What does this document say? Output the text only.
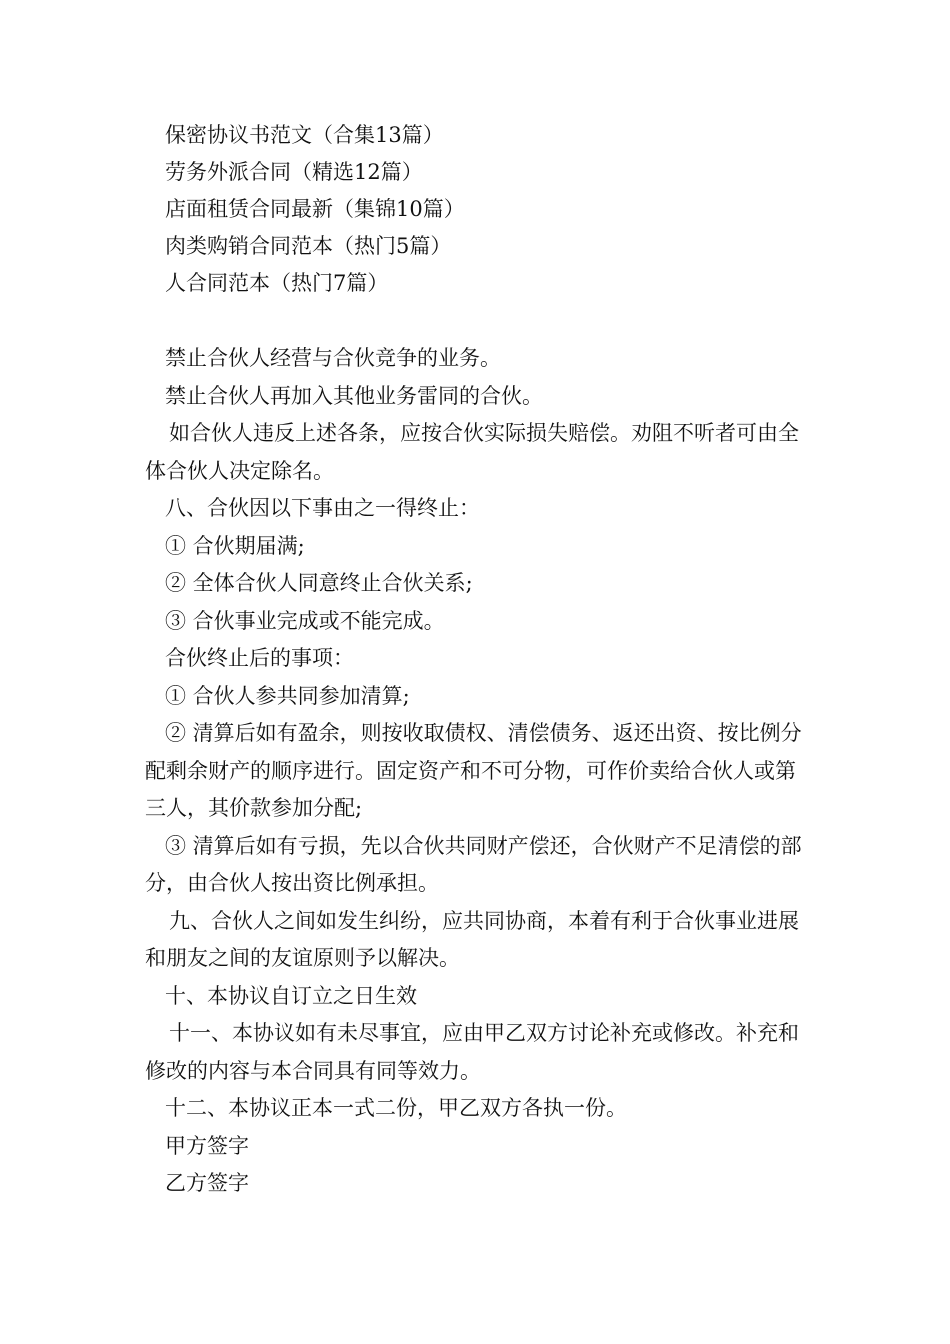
保密协议书范文（合集13篇）
劳务外派合同（精选12篇）
店面租赁合同最新（集锦10篇）
肉类购销合同范本（热门5篇）
人合同范本（热门7篇）

禁止合伙人经营与合伙竞争的业务。

禁止合伙人再加入其他业务雷同的合伙。

如合伙人违反上述各条，应按合伙实际损失赔偿。劝阻不听者可由全体合伙人决定除名。

八、合伙因以下事由之一得终止：

① 合伙期届满;

② 全体合伙人同意终止合伙关系;

③ 合伙事业完成或不能完成。

合伙终止后的事项：

① 合伙人参共同参加清算;

② 清算后如有盈余，则按收取债权、清偿债务、返还出资、按比例分配剩余财产的顺序进行。固定资产和不可分物，可作价卖给合伙人或第三人，其价款参加分配;

③ 清算后如有亏损，先以合伙共同财产偿还，合伙财产不足清偿的部分，由合伙人按出资比例承担。

九、合伙人之间如发生纠纷，应共同协商，本着有利于合伙事业进展和朋友之间的友谊原则予以解决。

十、本协议自订立之日生效

十一、本协议如有未尽事宜，应由甲乙双方讨论补充或修改。补充和修改的内容与本合同具有同等效力。

十二、本协议正本一式二份，甲乙双方各执一份。

甲方签字

乙方签字
